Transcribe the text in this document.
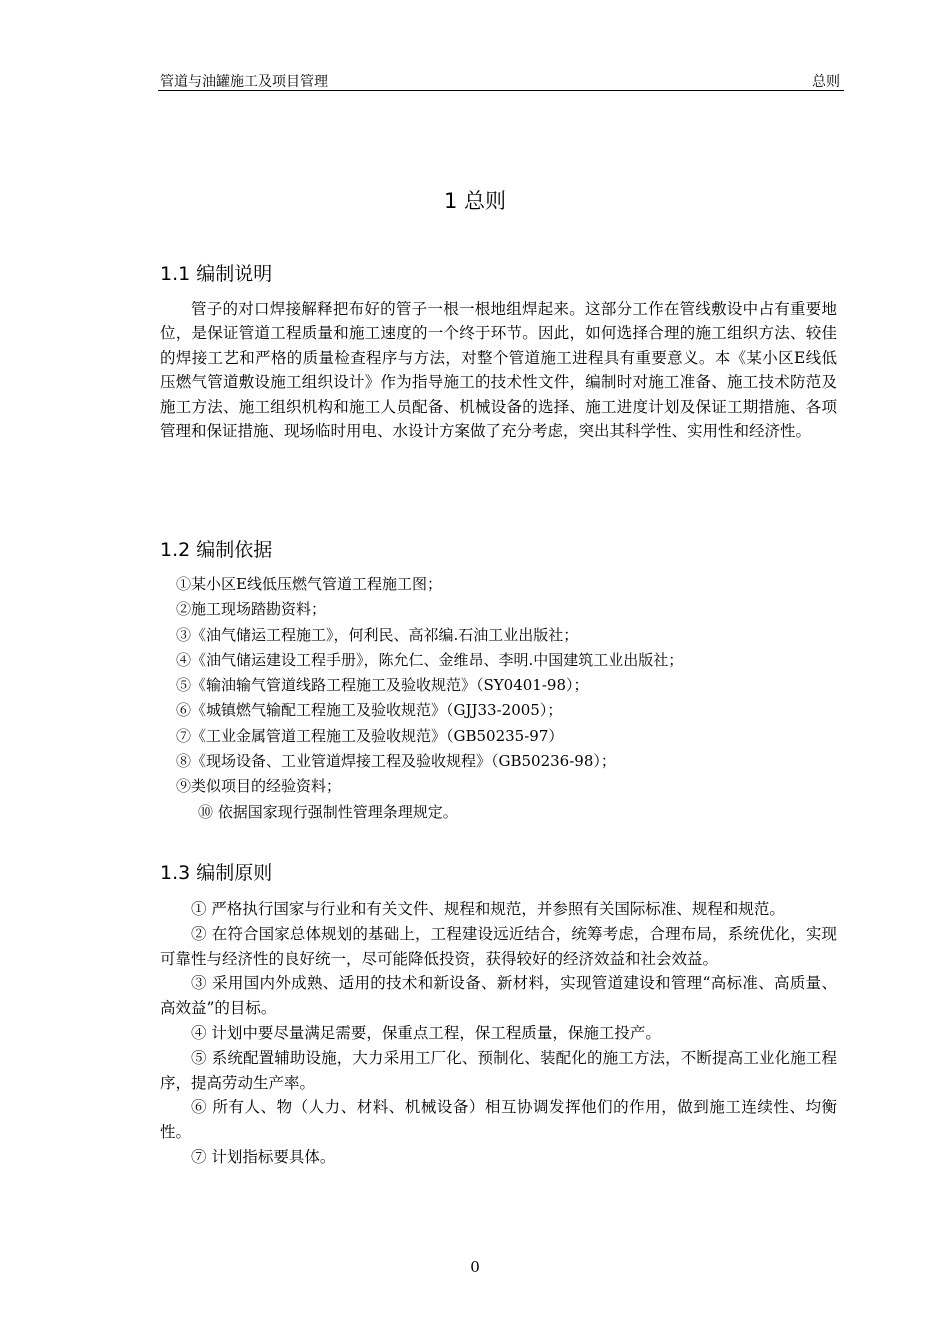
管道与油罐施工及项目管理	总则
1 总则
1.1 编制说明

管子的对口焊接解释把布好的管子一根一根地组焊起来。这部分工作在管线敷设中占有重要地位，是保证管道工程质量和施工速度的一个终于环节。因此，如何选择合理的施工组织方法、较佳的焊接工艺和严格的质量检查程序与方法，对整个管道施工进程具有重要意义。本《某小区E线低压燃气管道敷设施工组织设计》作为指导施工的技术性文件，编制时对施工准备、施工技术防范及施工方法、施工组织机构和施工人员配备、机械设备的选择、施工进度计划及保证工期措施、各项管理和保证措施、现场临时用电、水设计方案做了充分考虑，突出其科学性、实用性和经济性。

1.2 编制依据
①某小区E线低压燃气管道工程施工图；
②施工现场踏勘资料；
③《油气储运工程施工》，何利民、高祁编.石油工业出版社；
④《油气储运建设工程手册》，陈允仁、金维昂、李明.中国建筑工业出版社；
⑤《输油输气管道线路工程施工及验收规范》（SY0401-98）；
⑥《城镇燃气输配工程施工及验收规范》（GJJ33-2005）；
⑦《工业金属管道工程施工及验收规范》（GB50235-97）
⑧《现场设备、工业管道焊接工程及验收规程》（GB50236-98）；
⑨类似项目的经验资料；
⑩ 依据国家现行强制性管理条理规定。
1.3 编制原则

① 严格执行国家与行业和有关文件、规程和规范，并参照有关国际标准、规程和规范。

② 在符合国家总体规划的基础上，工程建设远近结合，统筹考虑，合理布局，系统优化，实现可靠性与经济性的良好统一，尽可能降低投资，获得较好的经济效益和社会效益。

③ 采用国内外成熟、适用的技术和新设备、新材料，实现管道建设和管理“高标准、高质量、高效益”的目标。

④ 计划中要尽量满足需要，保重点工程，保工程质量，保施工投产。

⑤ 系统配置辅助设施，大力采用工厂化、预制化、装配化的施工方法，不断提高工业化施工程序，提高劳动生产率。

⑥ 所有人、物（人力、材料、机械设备）相互协调发挥他们的作用，做到施工连续性、均衡性。

⑦ 计划指标要具体。

0
